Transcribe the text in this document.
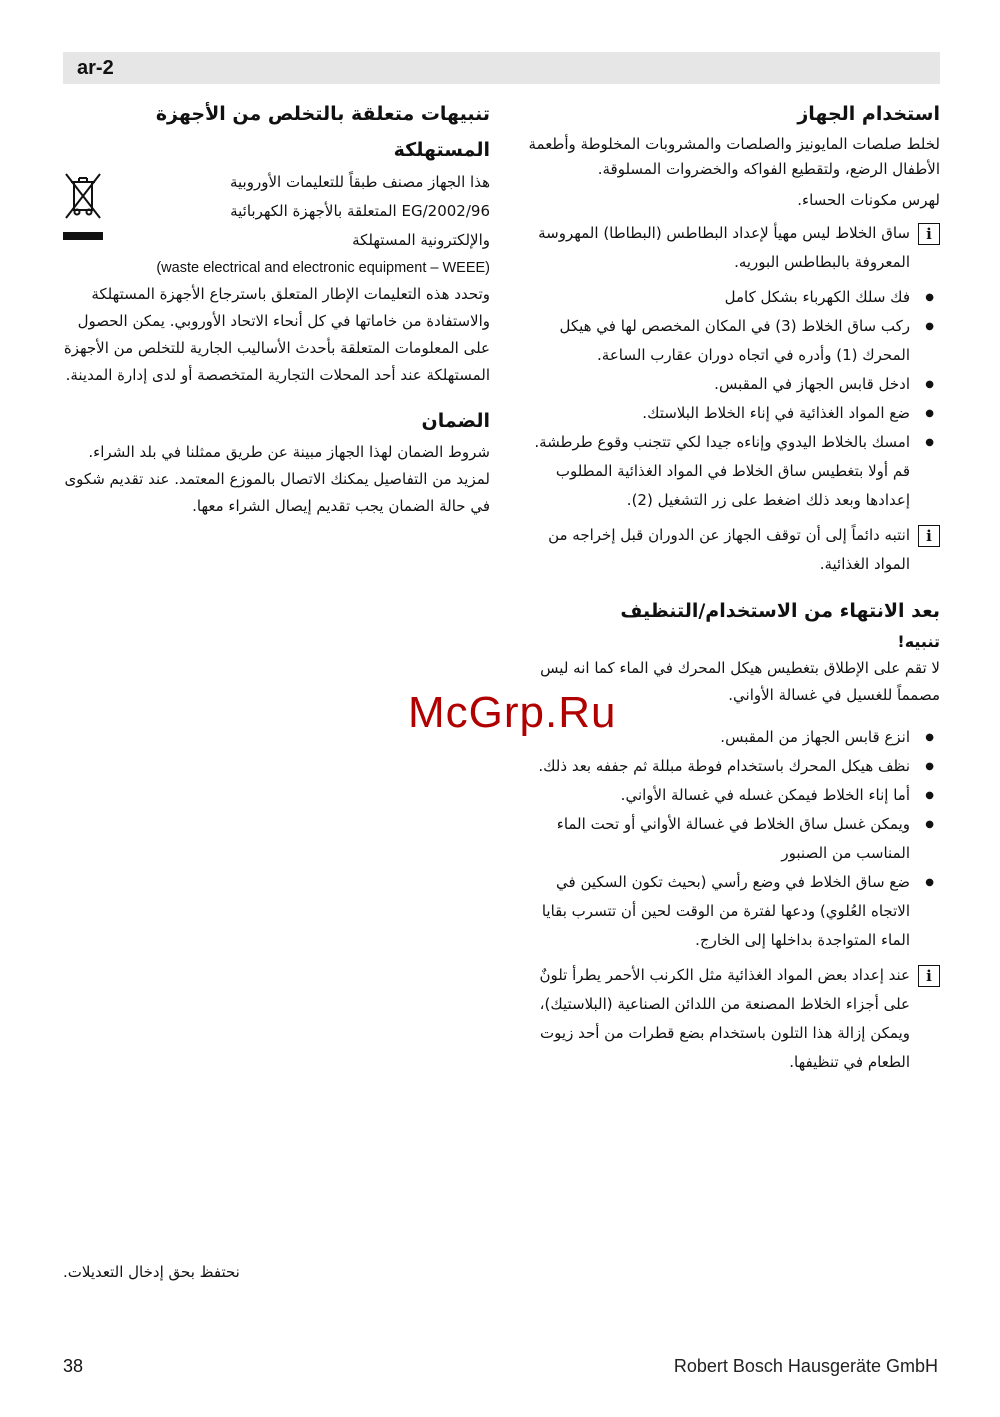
ar-2
استخدام الجهاز

لخلط صلصات المايونيز والصلصات والمشروبات المخلوطة وأطعمة الأطفال الرضع، ولتقطيع الفواكه والخضروات المسلوقة.

لهرس مكونات الحساء.

i
ساق الخلاط ليس مهيأ لإعداد البطاطس (البطاطا) المهروسة المعروفة بالبطاطس البوريه.
● فك سلك الكهرباء بشكل كامل
● ركب ساق الخلاط (3) في المكان المخصص لها في هيكل المحرك (1) وأدره في اتجاه دوران عقارب الساعة.
● ادخل قابس الجهاز في المقبس.
● ضع المواد الغذائية في إناء الخلاط البلاستك.
● امسك بالخلاط اليدوي وإناءه جيدا لكي تتجنب وقوع طرطشة. قم أولا بتغطيس ساق الخلاط في المواد الغذائية المطلوب إعدادها وبعد ذلك اضغط على زر التشغيل (2).
i
انتبه دائماً إلى أن توقف الجهاز عن الدوران قبل إخراجه من المواد الغذائية.
بعد الانتهاء من الاستخدام/التنظيف
تنبيه!

لا تقم على الإطلاق بتغطيس هيكل المحرك في الماء كما انه ليس مصمماً للغسيل في غسالة الأواني.

● انزع قابس الجهاز من المقبس.
● نظف هيكل المحرك باستخدام فوطة مبللة ثم جففه بعد ذلك.
● أما إناء الخلاط فيمكن غسله في غسالة الأواني.
● ويمكن غسل ساق الخلاط في غسالة الأواني أو تحت الماء المناسب من الصنبور
● ضع ساق الخلاط في وضع رأسي (بحيث تكون السكين في الاتجاه العُلوي) ودعها لفترة من الوقت لحين أن تتسرب بقايا الماء المتواجدة بداخلها إلى الخارج.
i
عند إعداد بعض المواد الغذائية مثل الكرنب الأحمر يطرأ تلونٌ على أجزاء الخلاط المصنعة من اللدائن الصناعية (البلاستيك)، ويمكن إزالة هذا التلون باستخدام بضع قطرات من أحد زيوت الطعام في تنظيفها.
تنبيهات متعلقة بالتخلص من الأجهزة المستهلكة
هذا الجهاز مصنف طبقاً للتعليمات الأوروبية
2002/96/EG المتعلقة بالأجهزة الكهربائية
والإلكترونية المستهلكة
(waste electrical and electronic equipment – WEEE)

وتحدد هذه التعليمات الإطار المتعلق باسترجاع الأجهزة المستهلكة والاستفادة من خاماتها في كل أنحاء الاتحاد الأوروبي. يمكن الحصول على المعلومات المتعلقة بأحدث الأساليب الجارية للتخلص من الأجهزة المستهلكة عند أحد المحلات التجارية المتخصصة أو لدى إدارة المدينة.

الضمان

شروط الضمان لهذا الجهاز مبينة عن طريق ممثلنا في بلد الشراء. لمزيد من التفاصيل يمكنك الاتصال بالموزع المعتمد. عند تقديم شكوى في حالة الضمان يجب تقديم إيصال الشراء معها.

McGrp.Ru
نحتفظ بحق إدخال التعديلات.
38	Robert Bosch Hausgeräte GmbH
